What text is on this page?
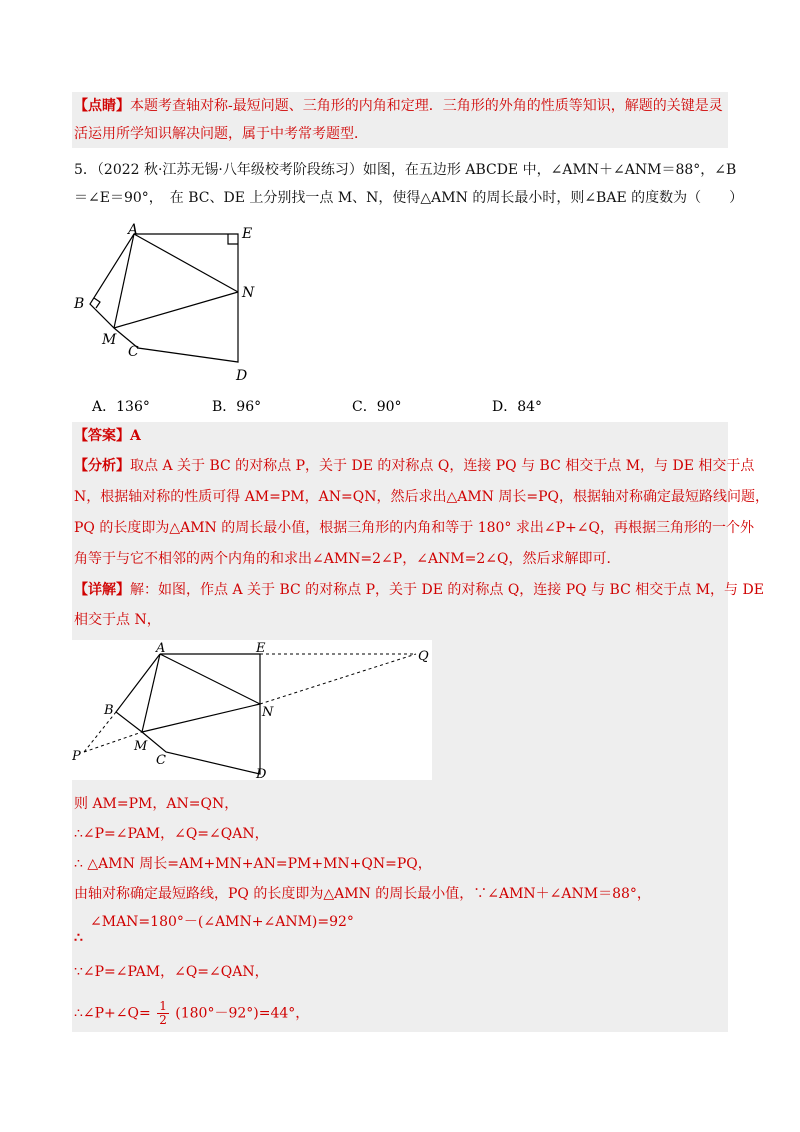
【点睛】本题考查轴对称-最短问题、三角形的内角和定理．三角形的外角的性质等知识，解题的关键是灵
活运用所学知识解决问题，属于中考常考题型．
5．（2022 秋·江苏无锡·八年级校考阶段练习）如图，在五边形 ABCDE 中，∠AMN＋∠ANM＝88°，∠B
＝∠E＝90°，　在 BC、DE 上分别找一点 M、N，使得△AMN 的周长最小时，则∠BAE 的度数为（　　）
A	E
N
B
M
C
D
A．136°	B．96°	C．90°	D．84°
【答案】A
【分析】取点 A 关于 BC 的对称点 P，关于 DE 的对称点 Q，连接 PQ 与 BC 相交于点 M，与 DE 相交于点
N，根据轴对称的性质可得 AM=PM，AN=QN，然后求出△AMN 周长=PQ，根据轴对称确定最短路线问题，
PQ 的长度即为△AMN 的周长最小值，根据三角形的内角和等于 180° 求出∠P+∠Q，再根据三角形的一个外
角等于与它不相邻的两个内角的和求出∠AMN=2∠P，∠ANM=2∠Q，然后求解即可．
【详解】解：如图，作点 A 关于 BC 的对称点 P，关于 DE 的对称点 Q，连接 PQ 与 BC 相交于点 M，与 DE
相交于点 N，
A	E
Q
B	N
P
M
C
D
则 AM=PM，AN=QN，
∴∠P=∠PAM，∠Q=∠QAN，
∴ △AMN 周长=AM+MN+AN=PM+MN+QN=PQ，
由轴对称确定最短路线，PQ 的长度即为△AMN 的周长最小值，∵∠AMN＋∠ANM＝88°，
∠MAN=180°－(∠AMN+∠ANM)=92°
∴
∵∠P=∠PAM，∠Q=∠QAN，
∴∠P+∠Q= $\frac{1}{2} (180^\circ-92^\circ)=44^\circ$，
